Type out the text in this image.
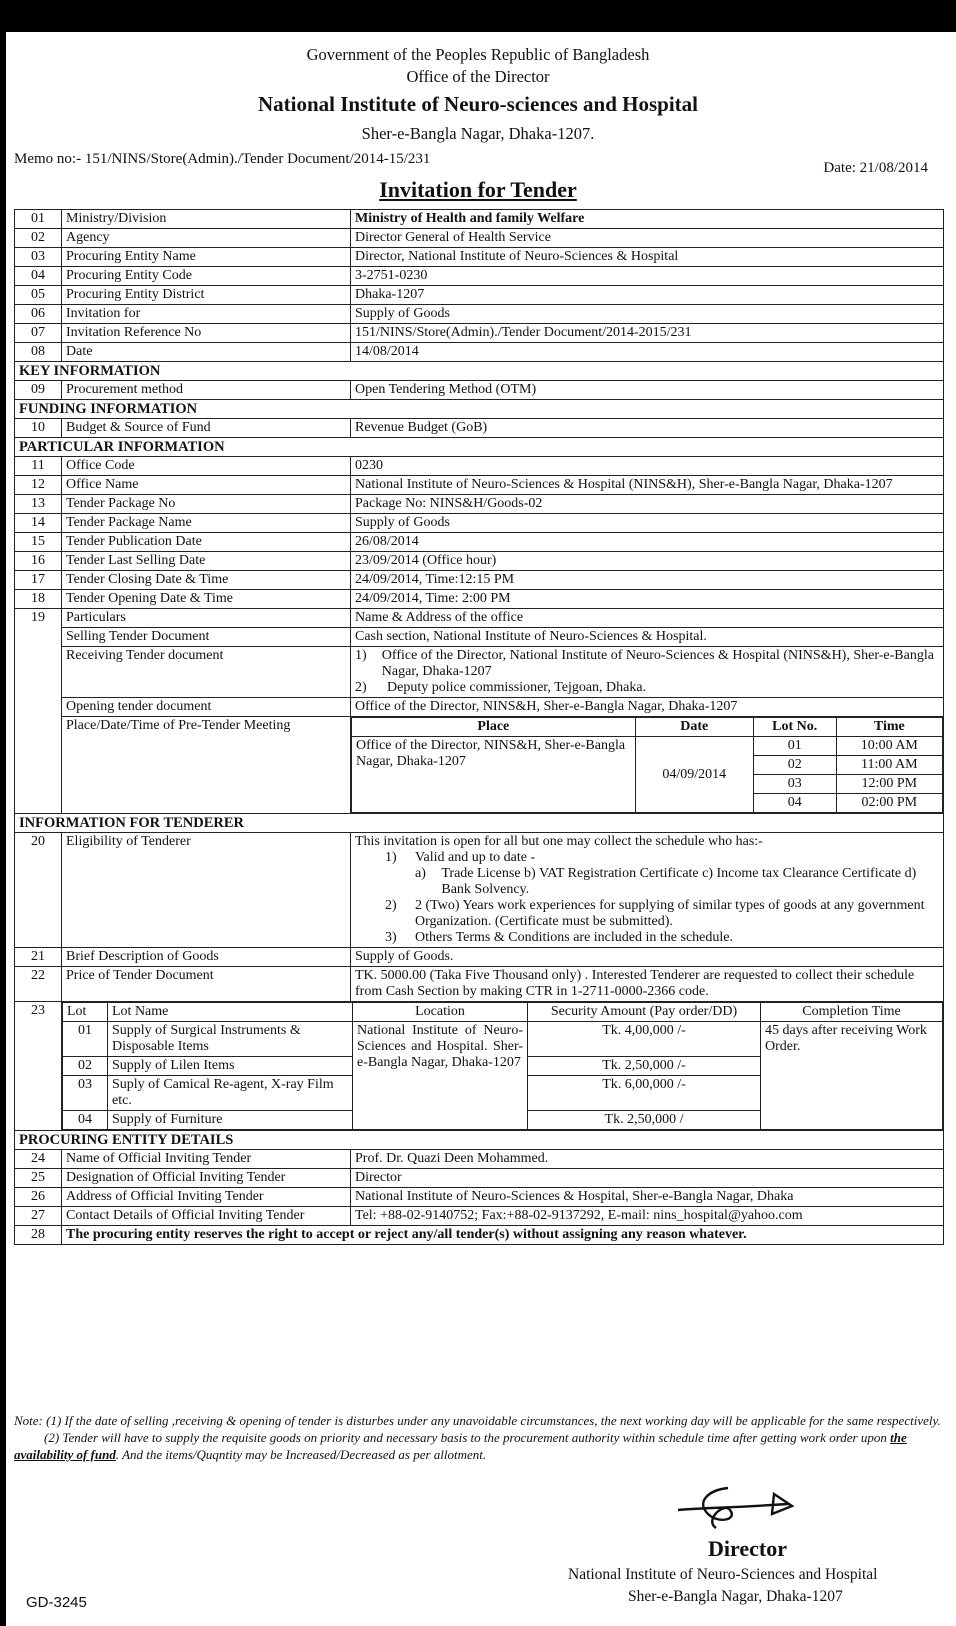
Government of the Peoples Republic of Bangladesh
Office of the Director
National Institute of Neuro-sciences and Hospital
Sher-e-Bangla Nagar, Dhaka-1207.
Memo no:- 151/NINS/Store(Admin)./Tender Document/2014-15/231
Date: 21/08/2014
Invitation for Tender
01	Ministry/Division	Ministry of Health and family Welfare
02	Agency	Director General of Health Service
03	Procuring Entity Name	Director, National Institute of Neuro-Sciences & Hospital
04	Procuring Entity Code	3-2751-0230
05	Procuring Entity District	Dhaka-1207
06	Invitation for	Supply of Goods
07	Invitation Reference No	151/NINS/Store(Admin)./Tender Document/2014-2015/231
08	Date	14/08/2014
KEY INFORMATION
09	Procurement method	Open Tendering Method (OTM)
FUNDING INFORMATION
10	Budget & Source of Fund	Revenue Budget (GoB)
PARTICULAR INFORMATION
11	Office Code	0230
12	Office Name	National Institute of Neuro-Sciences & Hospital (NINS&H), Sher-e-Bangla Nagar, Dhaka-1207
13	Tender Package No	Package No: NINS&H/Goods-02
14	Tender Package Name	Supply of Goods
15	Tender Publication Date	26/08/2014
16	Tender Last Selling Date	23/09/2014 (Office hour)
17	Tender Closing Date & Time	24/09/2014, Time:12:15 PM
18	Tender Opening Date & Time	24/09/2014, Time: 2:00 PM
19	Particulars	Name & Address of the office
Selling Tender Document	Cash section, National Institute of Neuro-Sciences & Hospital.
Receiving Tender document	1)	Office of the Director, National Institute of Neuro-Sciences & Hospital (NINS&H), Sher-e-Bangla Nagar, Dhaka-1207
2)	Deputy police commissioner, Tejgoan, Dhaka.

Opening tender document	Office of the Director, NINS&H, Sher-e-Bangla Nagar, Dhaka-1207
Place/Date/Time of Pre-Tender Meeting		Place	Date	Lot No.	Time
Office of the Director, NINS&H, Sher-e-Bangla Nagar, Dhaka-1207	04/09/2014	01	10:00 AM
02	11:00 AM
03	12:00 PM
04	02:00 PM

INFORMATION FOR TENDERER
20	Eligibility of Tenderer	This invitation is open for all but one may collect the schedule who has:-
1)	Valid and up to date -
a)	Trade License b) VAT Registration Certificate c) Income tax Clearance Certificate d) Bank Solvency.
2)	2 (Two) Years work experiences for supplying of similar types of goods at any government Organization. (Certificate must be submitted).
3)	Others Terms & Conditions are included in the schedule.

21	Brief Description of Goods	Supply of Goods.
22	Price of Tender Document	TK. 5000.00 (Taka Five Thousand only) . Interested Tenderer are requested to collect their schedule from Cash Section by making CTR in 1-2711-0000-2366 code.
23	Lot	Lot Name	Location	Security Amount (Pay order/DD)	Completion Time
01	Supply of Surgical Instruments & Disposable Items	National Institute of Neuro-Sciences and Hospital. Sher-e-Bangla Nagar, Dhaka-1207	Tk. 4,00,000 /-	45 days after receiving Work Order.
02	Supply of Lilen Items	Tk. 2,50,000 /-
03	Suply of Camical Re-agent, X-ray Film etc.	Tk. 6,00,000 /-
04	Supply of Furniture	Tk. 2,50,000 /

PROCURING ENTITY DETAILS
24	Name of Official Inviting Tender	Prof. Dr. Quazi Deen Mohammed.
25	Designation of Official Inviting Tender	Director
26	Address of Official Inviting Tender	National Institute of Neuro-Sciences & Hospital, Sher-e-Bangla Nagar, Dhaka
27	Contact Details of Official Inviting Tender	Tel: +88-02-9140752; Fax:+88-02-9137292, E-mail: nins_hospital@yahoo.com
28	The procuring entity reserves the right to accept or reject any/all tender(s) without assigning any reason whatever.

Note: (1) If the date of selling ,receiving & opening of tender is disturbes under any unavoidable circumstances, the next working day will be applicable for the same respectively.

(2) Tender will have to supply the requisite goods on priority and necessary basis to the procurement authority within schedule time after getting work order upon the availability of fund. And the items/Quqntity may be Increased/Decreased as per allotment.

Director
National Institute of Neuro-Sciences and Hospital
Sher-e-Bangla Nagar, Dhaka-1207
GD-3245
